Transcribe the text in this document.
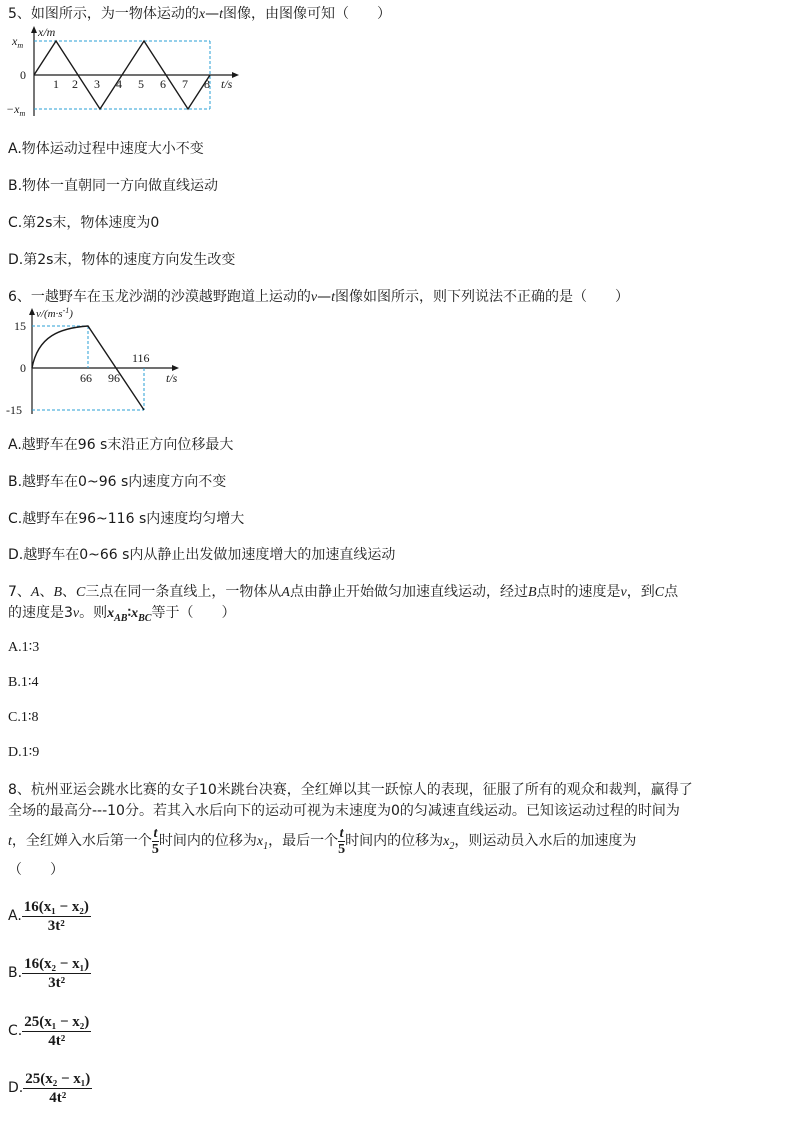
5、如图所示，为一物体运动的x—t图像，由图像可知（　　）
x/m
$x_m$
0
$-x_m$
1 2 3 4 5 6 7 8 t/s
A.物体运动过程中速度大小不变
B.物体一直朝同一方向做直线运动
C.第2s末，物体速度为0
D.第2s末，物体的速度方向发生改变
6、一越野车在玉龙沙湖的沙漠越野跑道上运动的v—t图像如图所示，则下列说法不正确的是（　　）
$v/(m\cdot s^{-1})$
15
0
-15
66 96
116
t/s
A.越野车在96 s末沿正方向位移最大
B.越野车在0~96 s内速度方向不变
C.越野车在96~116 s内速度均匀增大
D.越野车在0~66 s内从静止出发做加速度增大的加速直线运动
7、A、B、C三点在同一条直线上，一物体从A点由静止开始做匀加速直线运动，经过B点时的速度是v，到C点
的速度是3v。则$x_{AB}∶x_{BC}$等于（　　）
A.1∶3
B.1∶4
C.1∶8
D.1∶9
8、杭州亚运会跳水比赛的女子10米跳台决赛，全红婵以其一跃惊人的表现，征服了所有的观众和裁判，赢得了
全场的最高分---10分。若其入水后向下的运动可视为末速度为0的匀减速直线运动。已知该运动过程的时间为
t，全红婵入水后第一个 $\frac{t}{5}$ 时间内的位移为$x_1$，最后一个 $\frac{t}{5}$ 时间内的位移为$x_2$，则运动员入水后的加速度为
（　　）
A. $\frac{\text{16(x₁ − x₂)}}{\text{3t²}}$
B. $\frac{\text{16(x₂ − x₁)}}{\text{3t²}}$
C. $\frac{\text{25(x₁ − x₂)}}{\text{4t²}}$
D. $\frac{\text{25(x₂ − x₁)}}{\text{4t²}}$
